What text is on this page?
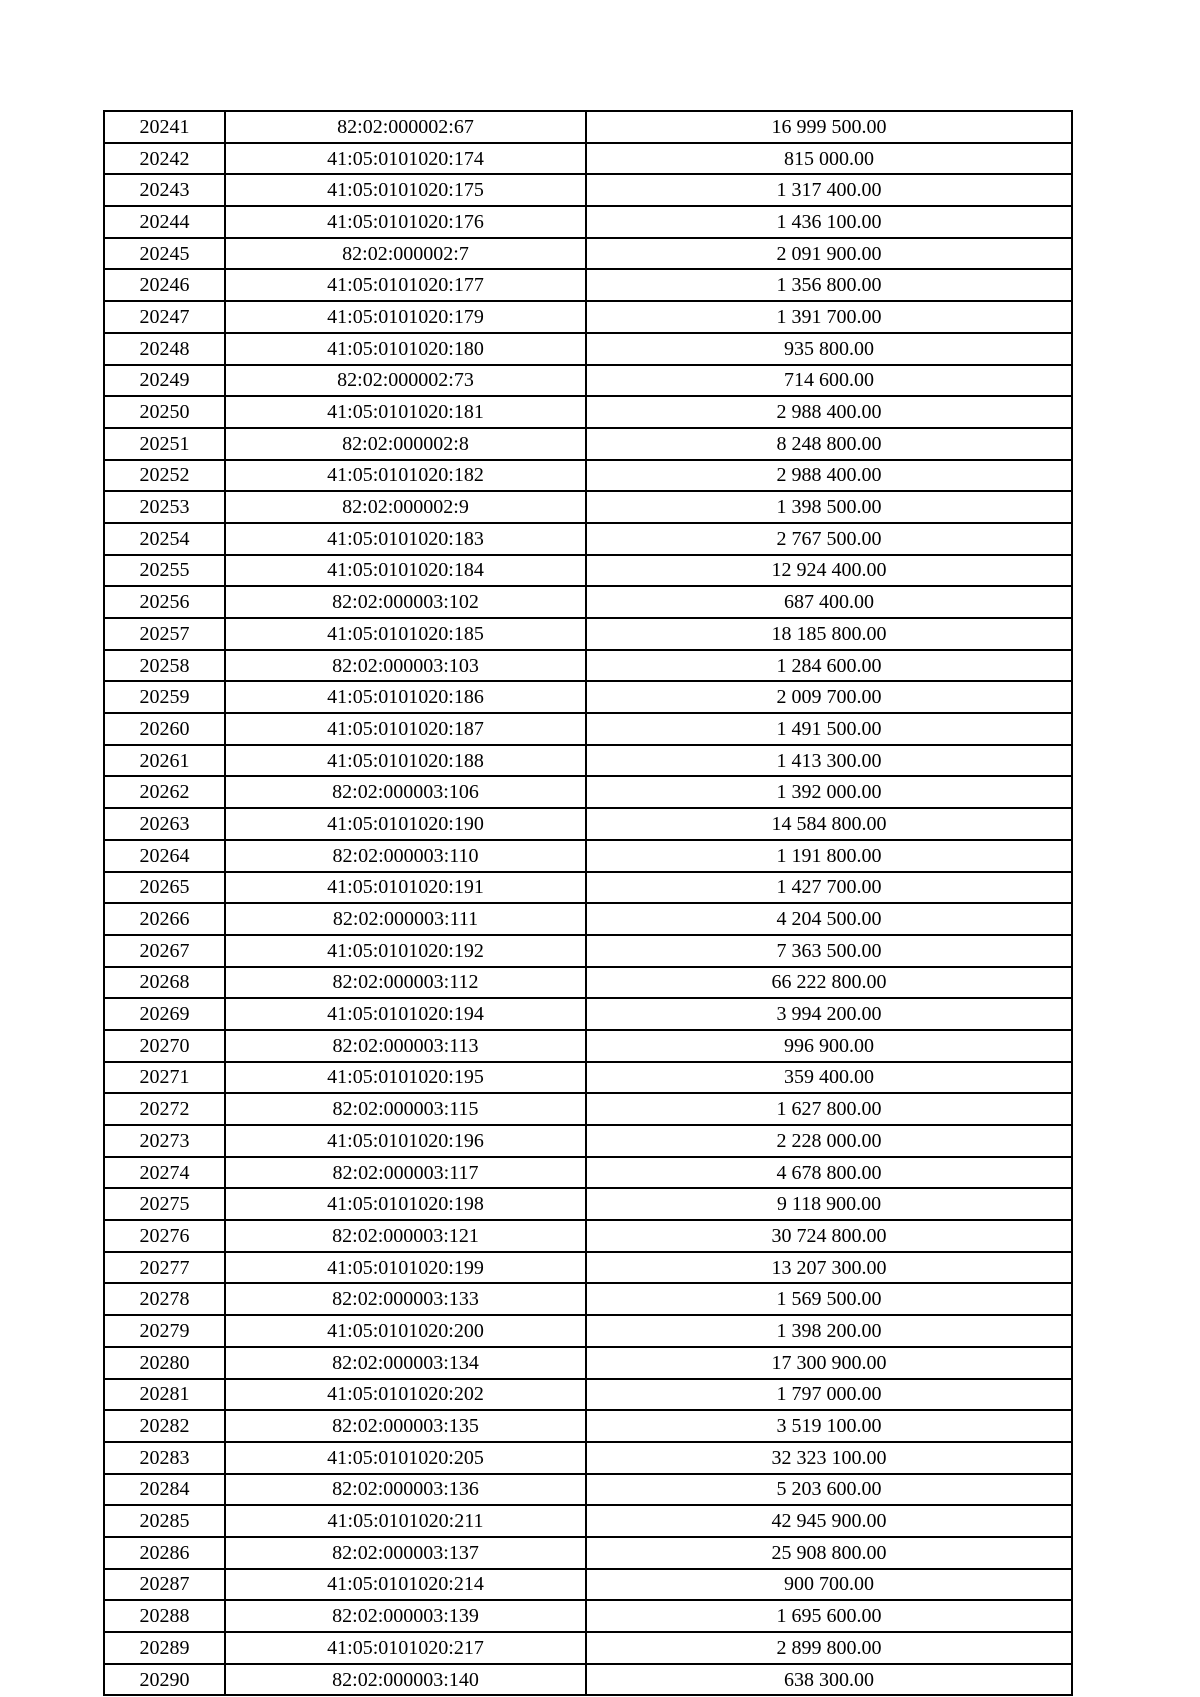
20241	82:02:000002:67	16 999 500.00
20242	41:05:0101020:174	815 000.00
20243	41:05:0101020:175	1 317 400.00
20244	41:05:0101020:176	1 436 100.00
20245	82:02:000002:7	2 091 900.00
20246	41:05:0101020:177	1 356 800.00
20247	41:05:0101020:179	1 391 700.00
20248	41:05:0101020:180	935 800.00
20249	82:02:000002:73	714 600.00
20250	41:05:0101020:181	2 988 400.00
20251	82:02:000002:8	8 248 800.00
20252	41:05:0101020:182	2 988 400.00
20253	82:02:000002:9	1 398 500.00
20254	41:05:0101020:183	2 767 500.00
20255	41:05:0101020:184	12 924 400.00
20256	82:02:000003:102	687 400.00
20257	41:05:0101020:185	18 185 800.00
20258	82:02:000003:103	1 284 600.00
20259	41:05:0101020:186	2 009 700.00
20260	41:05:0101020:187	1 491 500.00
20261	41:05:0101020:188	1 413 300.00
20262	82:02:000003:106	1 392 000.00
20263	41:05:0101020:190	14 584 800.00
20264	82:02:000003:110	1 191 800.00
20265	41:05:0101020:191	1 427 700.00
20266	82:02:000003:111	4 204 500.00
20267	41:05:0101020:192	7 363 500.00
20268	82:02:000003:112	66 222 800.00
20269	41:05:0101020:194	3 994 200.00
20270	82:02:000003:113	996 900.00
20271	41:05:0101020:195	359 400.00
20272	82:02:000003:115	1 627 800.00
20273	41:05:0101020:196	2 228 000.00
20274	82:02:000003:117	4 678 800.00
20275	41:05:0101020:198	9 118 900.00
20276	82:02:000003:121	30 724 800.00
20277	41:05:0101020:199	13 207 300.00
20278	82:02:000003:133	1 569 500.00
20279	41:05:0101020:200	1 398 200.00
20280	82:02:000003:134	17 300 900.00
20281	41:05:0101020:202	1 797 000.00
20282	82:02:000003:135	3 519 100.00
20283	41:05:0101020:205	32 323 100.00
20284	82:02:000003:136	5 203 600.00
20285	41:05:0101020:211	42 945 900.00
20286	82:02:000003:137	25 908 800.00
20287	41:05:0101020:214	900 700.00
20288	82:02:000003:139	1 695 600.00
20289	41:05:0101020:217	2 899 800.00
20290	82:02:000003:140	638 300.00
